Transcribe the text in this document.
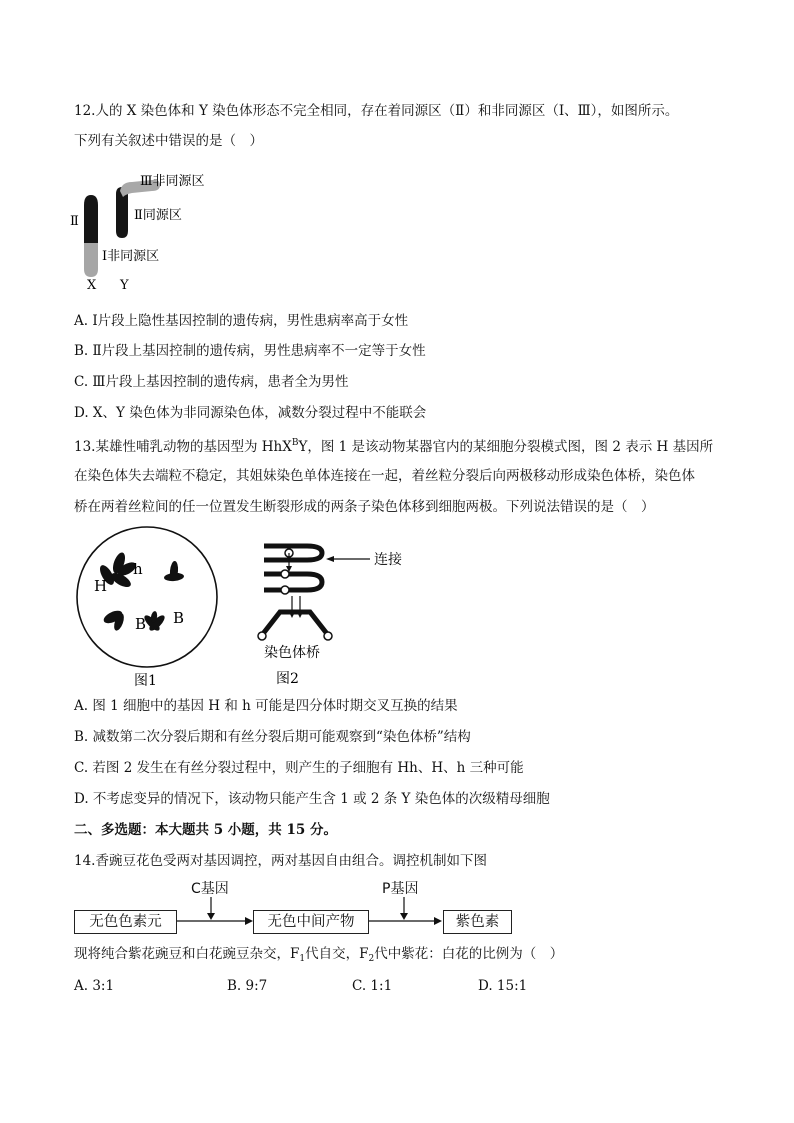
12.人的 X 染色体和 Y 染色体形态不完全相同，存在着同源区（Ⅱ）和非同源区（Ⅰ、Ⅲ），如图所示。
下列有关叙述中错误的是（　）
Ⅲ非同源区
Ⅱ	Ⅱ同源区
Ⅰ非同源区
X Y
A. Ⅰ片段上隐性基因控制的遗传病，男性患病率高于女性
B. Ⅱ片段上基因控制的遗传病，男性患病率不一定等于女性
C. Ⅲ片段上基因控制的遗传病，患者全为男性
D. X、Y 染色体为非同源染色体，减数分裂过程中不能联会
13.某雄性哺乳动物的基因型为 HhX$^B$Y，图 1 是该动物某器官内的某细胞分裂模式图，图 2 表示 H 基因所
在染色体失去端粒不稳定，其姐妹染色单体连接在一起，着丝粒分裂后向两极移动形成染色体桥，染色体
桥在两着丝粒间的任一位置发生断裂形成的两条子染色体移到细胞两极。下列说法错误的是（　）
H
h
B B
图1
连接
染色体桥
图2
A. 图 1 细胞中的基因 H 和 h 可能是四分体时期交叉互换的结果
B. 减数第二次分裂后期和有丝分裂后期可能观察到“染色体桥”结构
C. 若图 2 发生在有丝分裂过程中，则产生的子细胞有 Hh、H、h 三种可能
D. 不考虑变异的情况下，该动物只能产生含 1 或 2 条 Y 染色体的次级精母细胞
二、多选题：本大题共 5 小题，共 15 分。
14.香豌豆花色受两对基因调控，两对基因自由组合。调控机制如下图
C基因	P基因
无色色素元	无色中间产物	紫色素
现将纯合紫花豌豆和白花豌豆杂交，$F_1$代自交，$F_2$代中紫花：白花的比例为（　）
A. 3:1	B. 9:7	C. 1:1	D. 15:1
